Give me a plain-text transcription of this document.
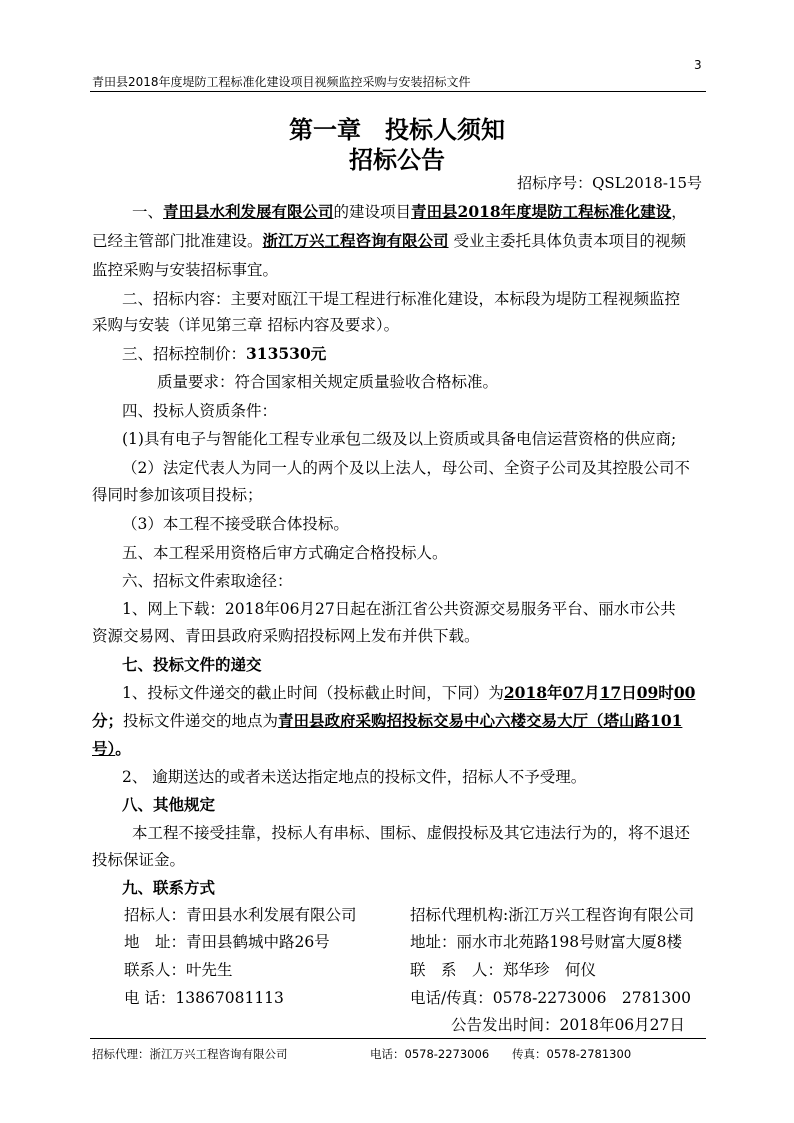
3
青田县2018年度堤防工程标准化建设项目视频监控采购与安装招标文件
第一章　投标人须知
招标公告
招标序号：QSL2018-15号
一、青田县水利发展有限公司的建设项目青田县2018年度堤防工程标准化建设，
已经主管部门批准建设。浙江万兴工程咨询有限公司 受业主委托具体负责本项目的视频
监控采购与安装招标事宜。
二、招标内容：主要对瓯江干堤工程进行标准化建设，本标段为堤防工程视频监控
采购与安装（详见第三章 招标内容及要求）。
三、招标控制价：313530元
质量要求：符合国家相关规定质量验收合格标准。
四、投标人资质条件：
(1)具有电子与智能化工程专业承包二级及以上资质或具备电信运营资格的供应商;
（2）法定代表人为同一人的两个及以上法人，母公司、全资子公司及其控股公司不
得同时参加该项目投标；
（3）本工程不接受联合体投标。
五、本工程采用资格后审方式确定合格投标人。
六、招标文件索取途径：
1、网上下载：2018年06月27日起在浙江省公共资源交易服务平台、丽水市公共
资源交易网、青田县政府采购招投标网上发布并供下载。
七、投标文件的递交
1、投标文件递交的截止时间（投标截止时间，下同）为2018年07月17日09时00
分；投标文件递交的地点为青田县政府采购招投标交易中心六楼交易大厅（塔山路101
号）。
2、 逾期送达的或者未送达指定地点的投标文件，招标人不予受理。
八、其他规定
本工程不接受挂靠，投标人有串标、围标、虚假投标及其它违法行为的，将不退还
投标保证金。
九、联系方式
招标人：青田县水利发展有限公司	招标代理机构:浙江万兴工程咨询有限公司
地　址：青田县鹤城中路26号	地址：丽水市北苑路198号财富大厦8楼
联系人：叶先生	联　系　人：郑华珍　何仪
电 话：13867081113	电话/传真：0578-2273006　2781300
公告发出时间：2018年06月27日
招标代理：浙江万兴工程咨询有限公司	电话：0578-2273006 传真：0578-2781300
